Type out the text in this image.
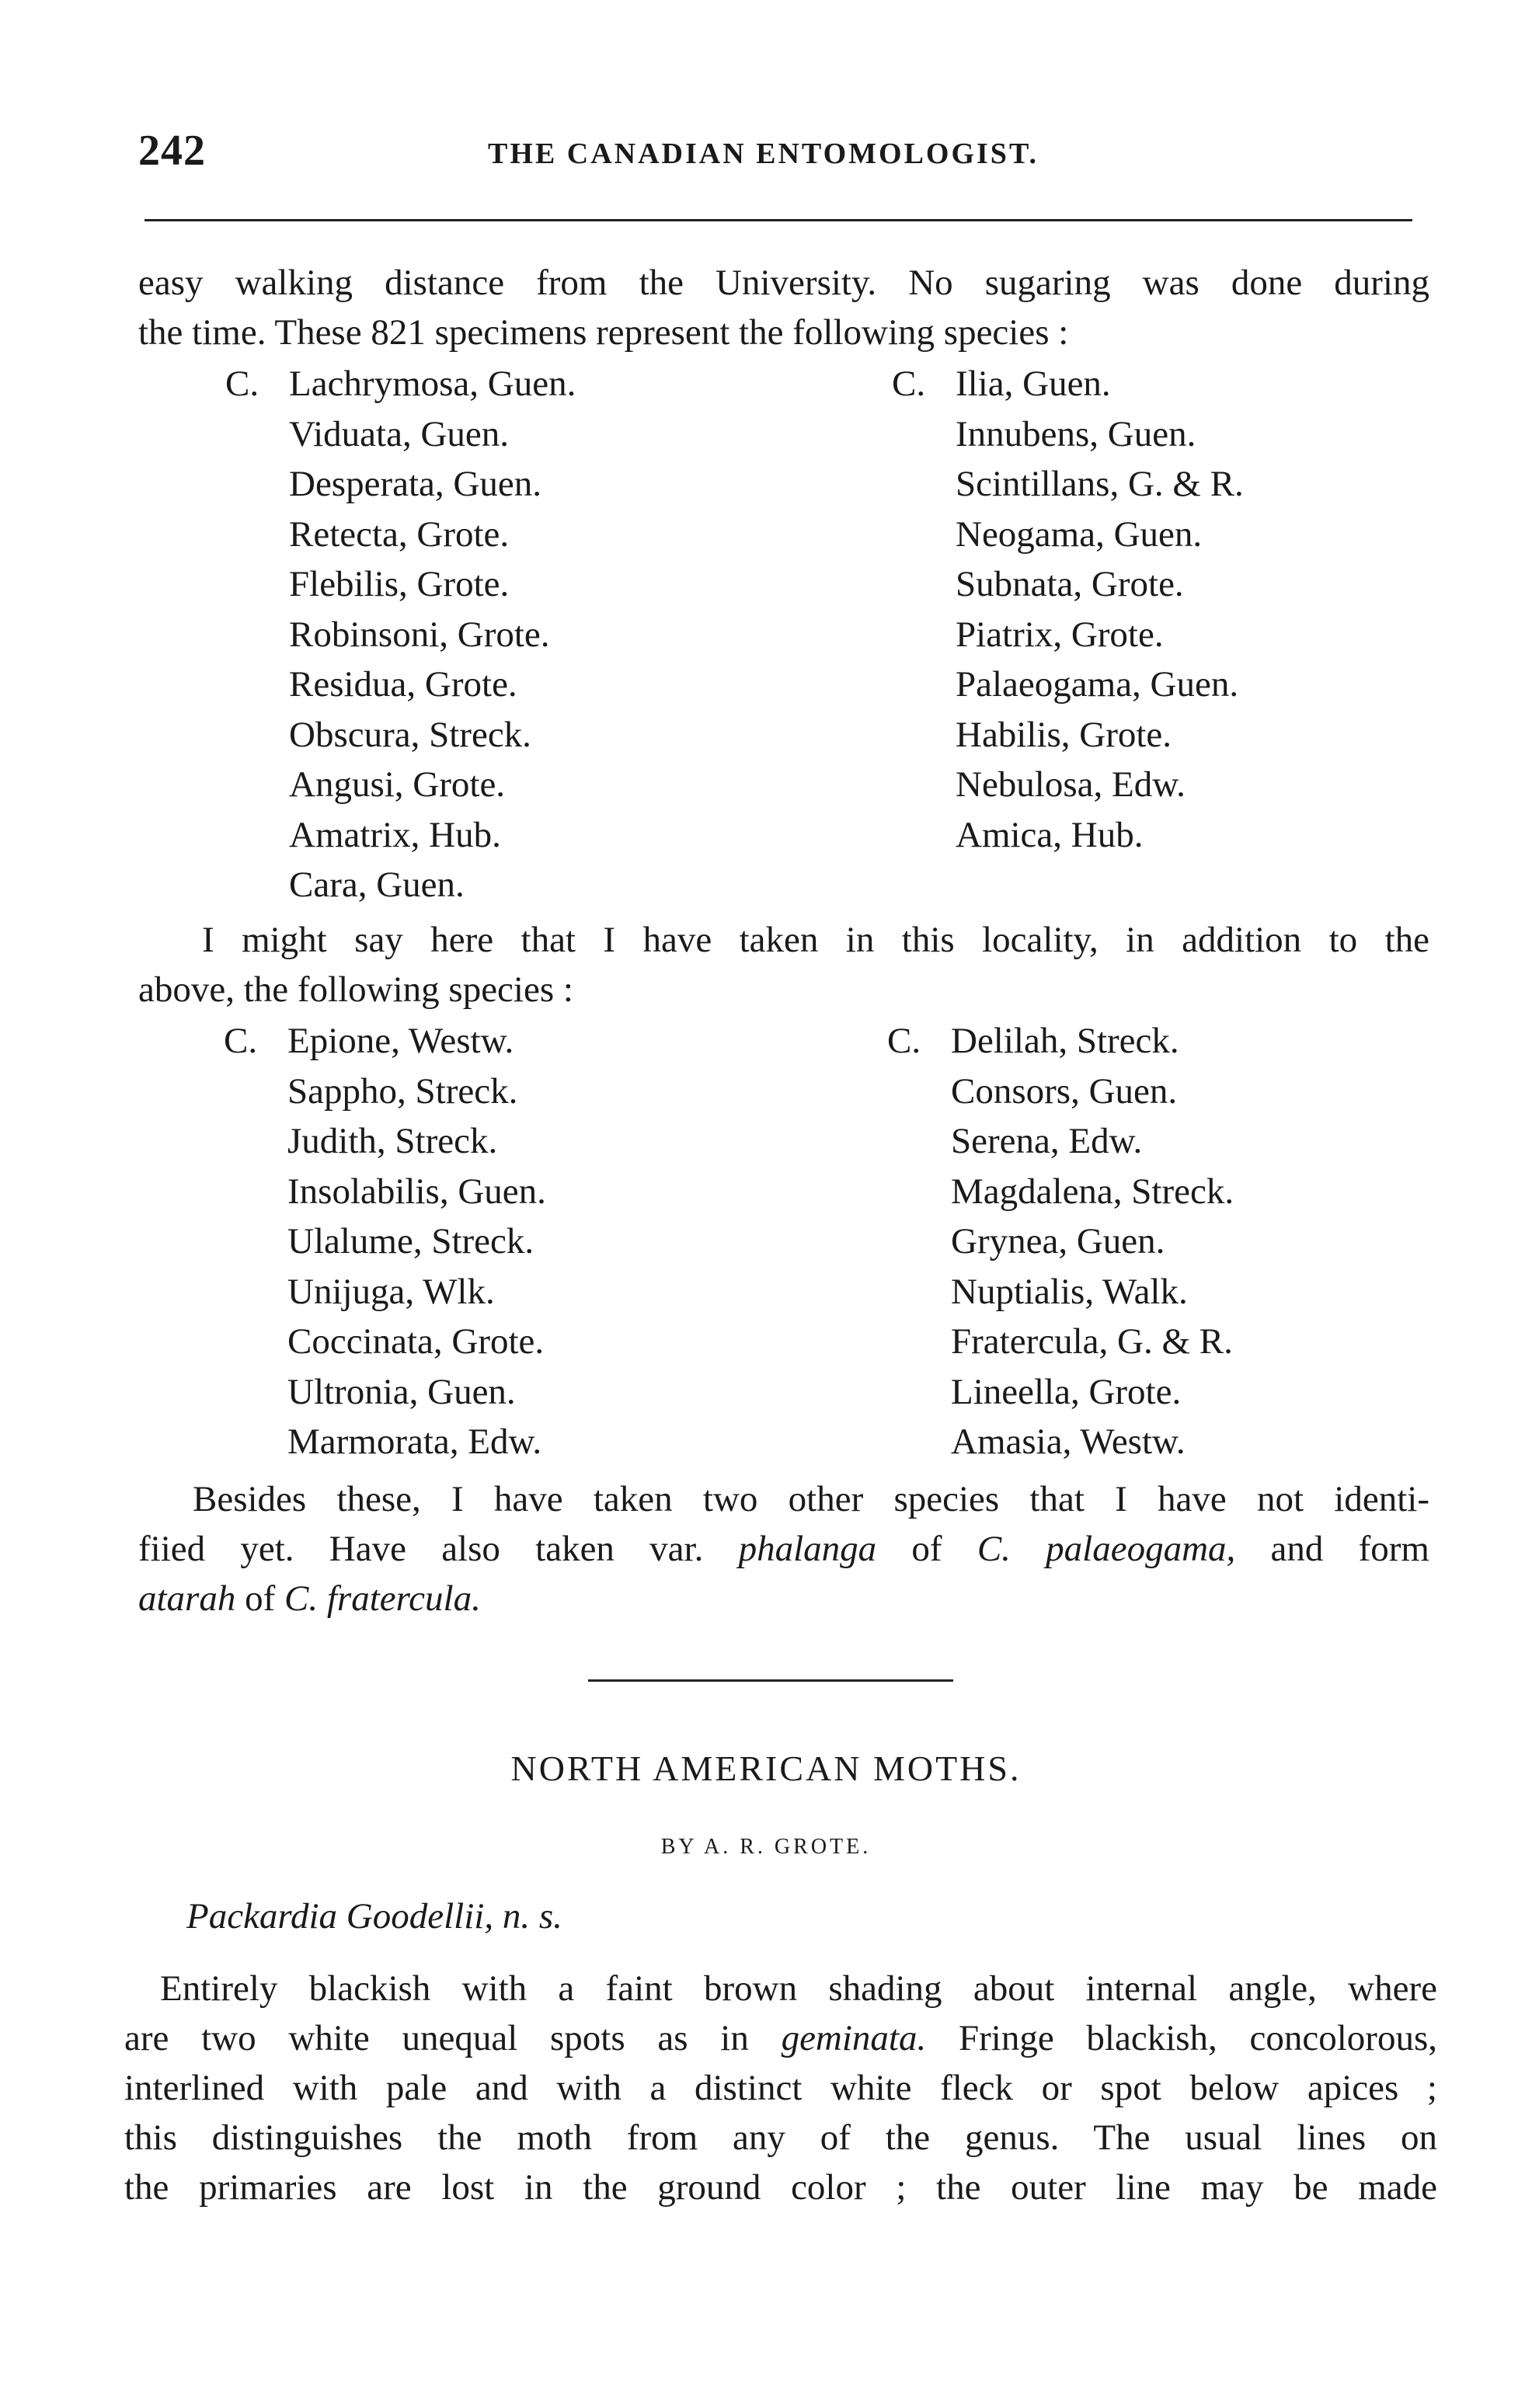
242	THE CANADIAN ENTOMOLOGIST.

easy walking distance from the University. No sugaring was done during
the time. These 821 specimens represent the following species :

C. Lachrymosa, Guen.
Viduata, Guen.
Desperata, Guen.
Retecta, Grote.
Flebilis, Grote.
Robinsoni, Grote.
Residua, Grote.
Obscura, Streck.
Angusi, Grote.
Amatrix, Hub.
Cara, Guen.
C. Ilia, Guen.
Innubens, Guen.
Scintillans, G. & R.
Neogama, Guen.
Subnata, Grote.
Piatrix, Grote.
Palaeogama, Guen.
Habilis, Grote.
Nebulosa, Edw.
Amica, Hub.

I might say here that I have taken in this locality, in addition to the
above, the following species :

C. Epione, Westw.
Sappho, Streck.
Judith, Streck.
Insolabilis, Guen.
Ulalume, Streck.
Unijuga, Wlk.
Coccinata, Grote.
Ultronia, Guen.
Marmorata, Edw.
C. Delilah, Streck.
Consors, Guen.
Serena, Edw.
Magdalena, Streck.
Grynea, Guen.
Nuptialis, Walk.
Fratercula, G. & R.
Lineella, Grote.
Amasia, Westw.

Besides these, I have taken two other species that I have not identi-
fiied yet. Have also taken var. phalanga of C. palaeogama, and form
atarah of C. fratercula.

NORTH AMERICAN MOTHS.
BY A. R. GROTE.
Packardia Goodellii, n. s.

Entirely blackish with a faint brown shading about internal angle, where
are two white unequal spots as in geminata. Fringe blackish, concolorous,
interlined with pale and with a distinct white fleck or spot below apices ;
this distinguishes the moth from any of the genus. The usual lines on
the primaries are lost in the ground color ; the outer line may be made
